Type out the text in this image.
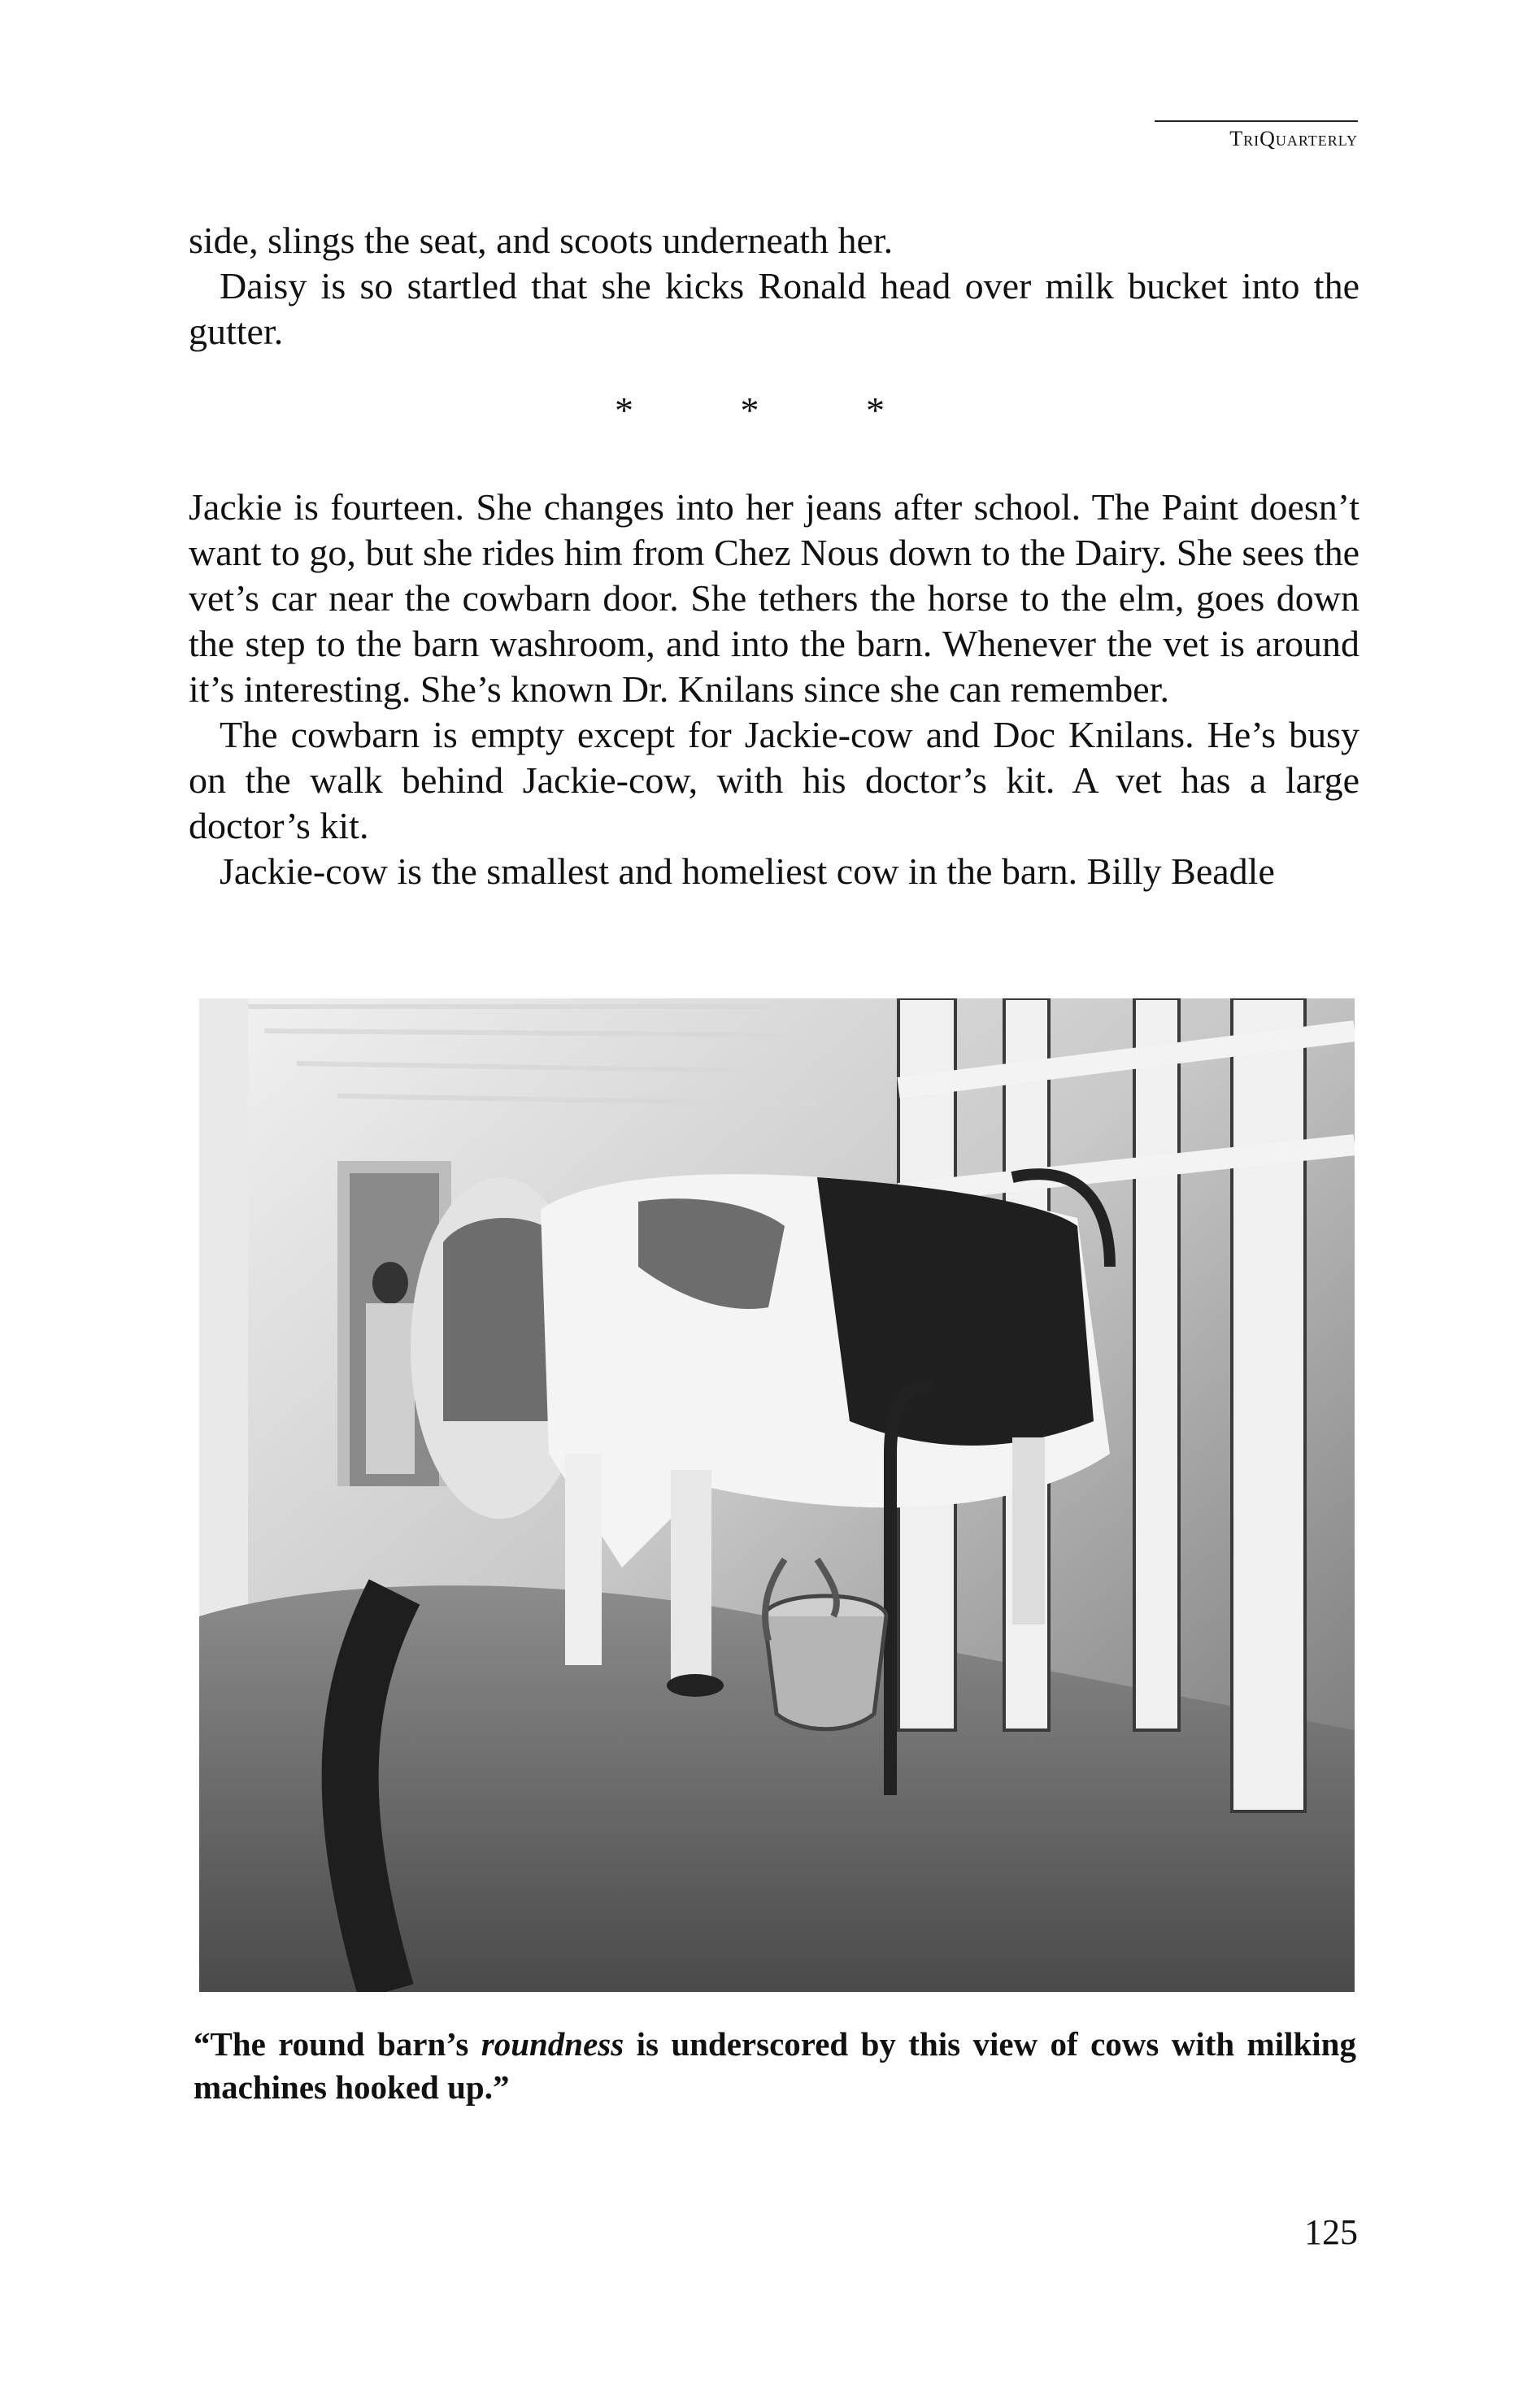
TriQuarterly

side, slings the seat, and scoots underneath her.

Daisy is so startled that she kicks Ronald head over milk bucket into the gutter.

* * *

Jackie is fourteen. She changes into her jeans after school. The Paint doesn’t want to go, but she rides him from Chez Nous down to the Dairy. She sees the vet’s car near the cowbarn door. She tethers the horse to the elm, goes down the step to the barn washroom, and into the barn. Whenever the vet is around it’s interesting. She’s known Dr. Knilans since she can remember.

The cowbarn is empty except for Jackie-cow and Doc Knilans. He’s busy on the walk behind Jackie-cow, with his doctor’s kit. A vet has a large doctor’s kit.

Jackie-cow is the smallest and homeliest cow in the barn. Billy Beadle

“The round barn’s roundness is underscored by this view of cows with milking machines hooked up.”
125
